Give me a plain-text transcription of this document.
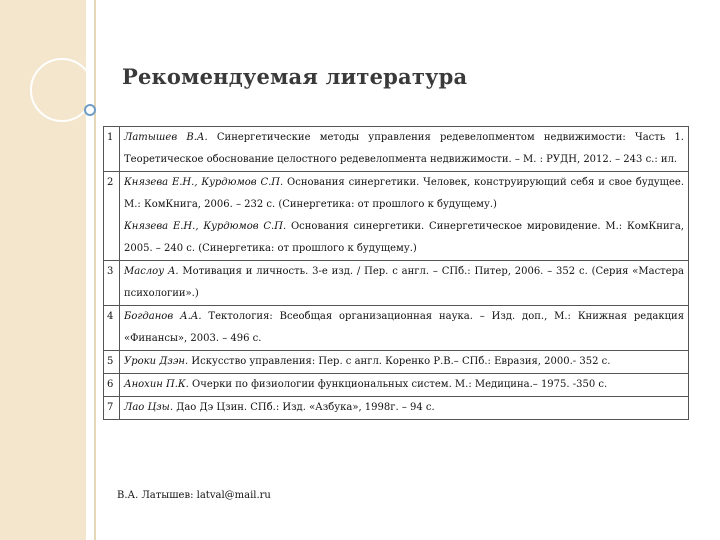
Рекомендуемая литература
1	Латышев В.А. Синергетические методы управления редевелопментом недвижимости: Часть 1. Теоретическое обоснование целостного редевелопмента недвижимости. – М. : РУДН, 2012. – 243 с.: ил.

2	Князева Е.Н., Курдюмов С.П. Основания синергетики. Человек, конструирующий себя и свое будущее. М.: КомКнига, 2006. – 232 с. (Синергетика: от прошлого к будущему.)
Князева Е.Н., Курдюмов С.П. Основания синергетики. Синергетическое мировидение. М.: КомКнига, 2005. – 240 с. (Синергетика: от прошлого к будущему.)

3	Маслоу А. Мотивация и личность. 3-е изд. / Пер. с англ. – СПб.: Питер, 2006. – 352 с. (Серия «Мастера психологии».)

4	Богданов А.А. Тектология: Всеобщая организационная наука. – Изд. доп., М.: Книжная редакция «Финансы», 2003. – 496 с.

5	Уроки Дзэн. Искусство управления: Пер. с англ. Коренко Р.В.– СПб.: Евразия, 2000.- 352 с.

6	Анохин П.К. Очерки по физиологии функциональных систем. М.: Медицина.– 1975. -350 с.

7	Лао Цзы. Дао Дэ Цзин. СПб.: Изд. «Азбука», 1998г. – 94 с.
В.А. Латышев: latval@mail.ru
